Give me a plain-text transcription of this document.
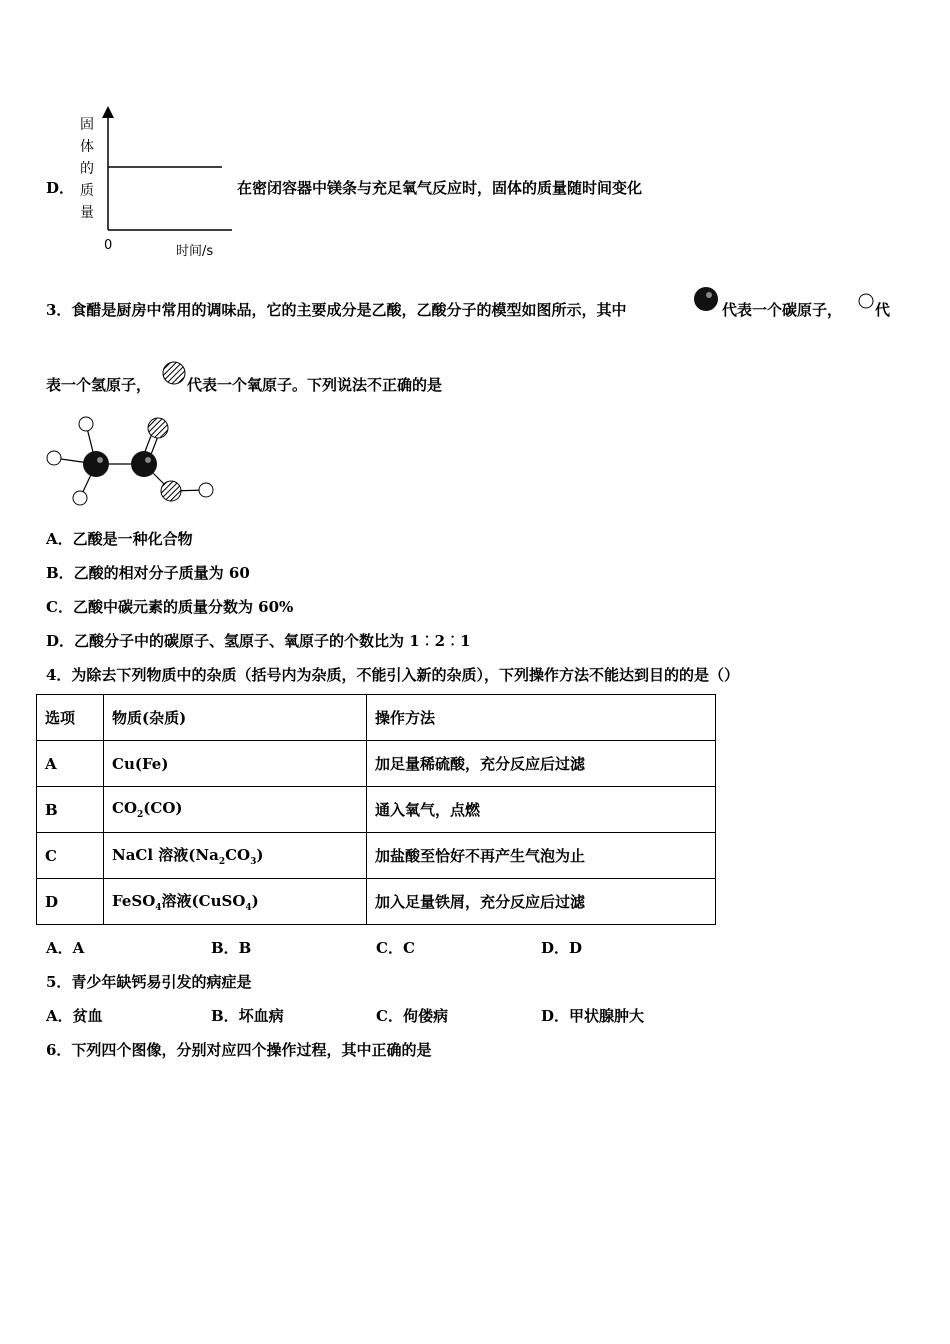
D．
固
体
的
质
量
0	时间/s
在密闭容器中镁条与充足氧气反应时，固体的质量随时间变化
3．食醋是厨房中常用的调味品，它的主要成分是乙酸，乙酸分子的模型如图所示，其中	代表一个碳原子， 代
表一个氢原子， 代表一个氧原子。下列说法不正确的是
A．乙酸是一种化合物
B．乙酸的相对分子质量为 60
C．乙酸中碳元素的质量分数为 60%
D．乙酸分子中的碳原子、氢原子、氧原子的个数比为 1︰2︰1
4．为除去下列物质中的杂质（括号内为杂质，不能引入新的杂质），下列操作方法不能达到目的的是（）
选项	物质(杂质)	操作方法
A	Cu(Fe)	加足量稀硫酸，充分反应后过滤
B	$CO_2(CO)$	通入氧气，点燃
C	NaCl 溶液$(Na_2CO_3)$	加盐酸至恰好不再产生气泡为止
D	FeSO$_4$溶液(CuSO$_4$)	加入足量铁屑，充分反应后过滤
A．A	B．B	C．C	D．D
5．青少年缺钙易引发的病症是
A．贫血	B．坏血病	C．佝偻病	D．甲状腺肿大
6．下列四个图像，分别对应四个操作过程，其中正确的是
